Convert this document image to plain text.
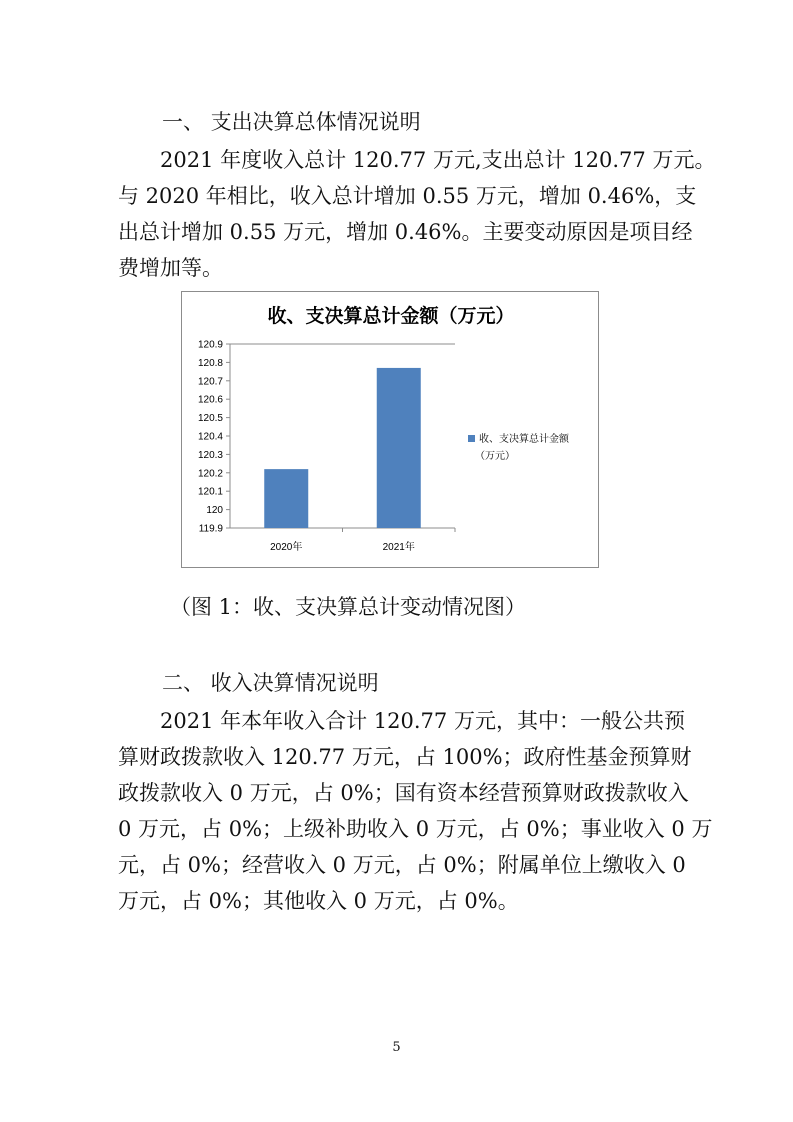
一、 支出决算总体情况说明
2021 年度收入总计 120.77 万元,支出总计 120.77 万元。
与 2020 年相比，收入总计增加 0.55 万元，增加 0.46%，支
出总计增加 0.55 万元，增加 0.46%。主要变动原因是项目经
费增加等。
收、支决算总计金额（万元）
120.9
120.8
120.7
120.6
120.5
120.4
120.3
120.2
120.1
120
119.9
2020年	2021年
收、支决算总计金额
（万元）
（图 1：收、支决算总计变动情况图）
二、 收入决算情况说明
2021 年本年收入合计 120.77 万元，其中：一般公共预
算财政拨款收入 120.77 万元，占 100%；政府性基金预算财
政拨款收入 0 万元，占 0%；国有资本经营预算财政拨款收入
0 万元，占 0%；上级补助收入 0 万元，占 0%；事业收入 0 万
元，占 0%；经营收入 0 万元，占 0%；附属单位上缴收入 0
万元，占 0%；其他收入 0 万元，占 0%。
5
